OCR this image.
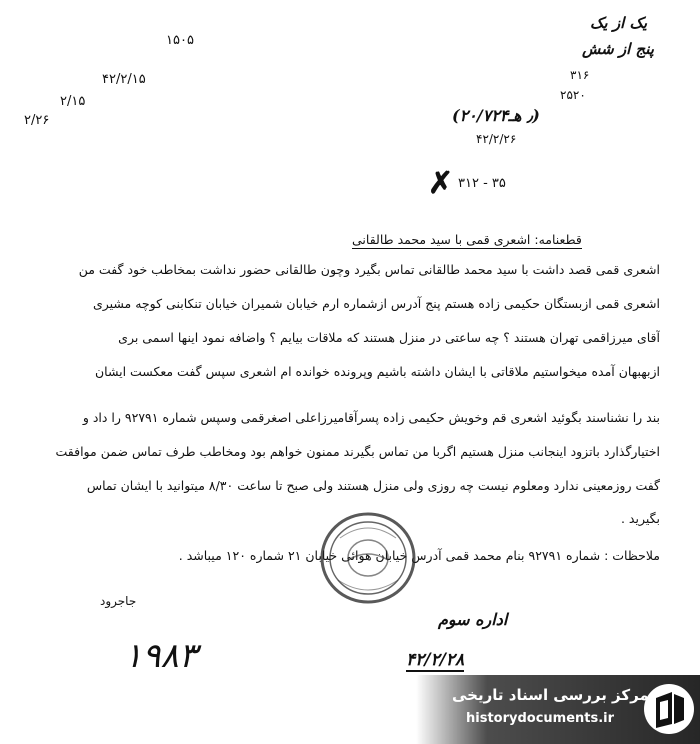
یک از یک
پنج از شش
۱۵۰۵
۴۲/۲/۱۵
۲/۱۵
۲/۲۶
۳۱۶
۲۵۲۰
(۲۰/۷۲۴٫ هـ)
۴۲/۲/۲۶
✗ ۳۱۲ - ۳۵
قطعنامه: اشعری قمی با سید محمد طالقانی
اشعری قمی قصد داشت با سید محمد طالقانی تماس بگیرد وچون طالقانی حضور نداشت بمخاطب خود گفت من
اشعری قمی ازبستگان حکیمی زاده هستم پنج آدرس ازشماره ارم خیابان شمیران خیابان تنکابنی کوچه مشیری
آقای میرزاقمی تهران هستند ؟ چه ساعتی در منزل هستند که ملاقات بیایم ؟ واضافه نمود اینها اسمی بری
ازبهبهان آمده میخواستیم ملاقاتی با ایشان داشته باشیم وپرونده خوانده ام اشعری سپس گفت معکست ایشان
بند را نشناسند بگوئید اشعری قم وخویش حکیمی زاده پسرآقامیرزاعلی اصغرقمی وسپس شماره ۹۲۷۹۱ را داد و
اختیارگذارد باتزود اینجانب منزل هستیم اگربا من تماس بگیرند ممنون خواهم بود ومخاطب طرف تماس ضمن موافقت
گفت روزمعینی ندارد ومعلوم نیست چه روزی ولی منزل هستند ولی صبح تا ساعت ۸/۳۰ میتوانید با ایشان تماس
بگیرید .
ملاحظات : شماره ۹۲۷۹۱ بنام محمد قمی آدرس خیابان هوائی خیابان ۲۱ شماره ۱۲۰ میباشد .
جاجرود
۱۹۸۳
اداره سوم
۴۲/۲/۲۸
مرکز بررسی اسناد تاریخی
historydocuments.ir
